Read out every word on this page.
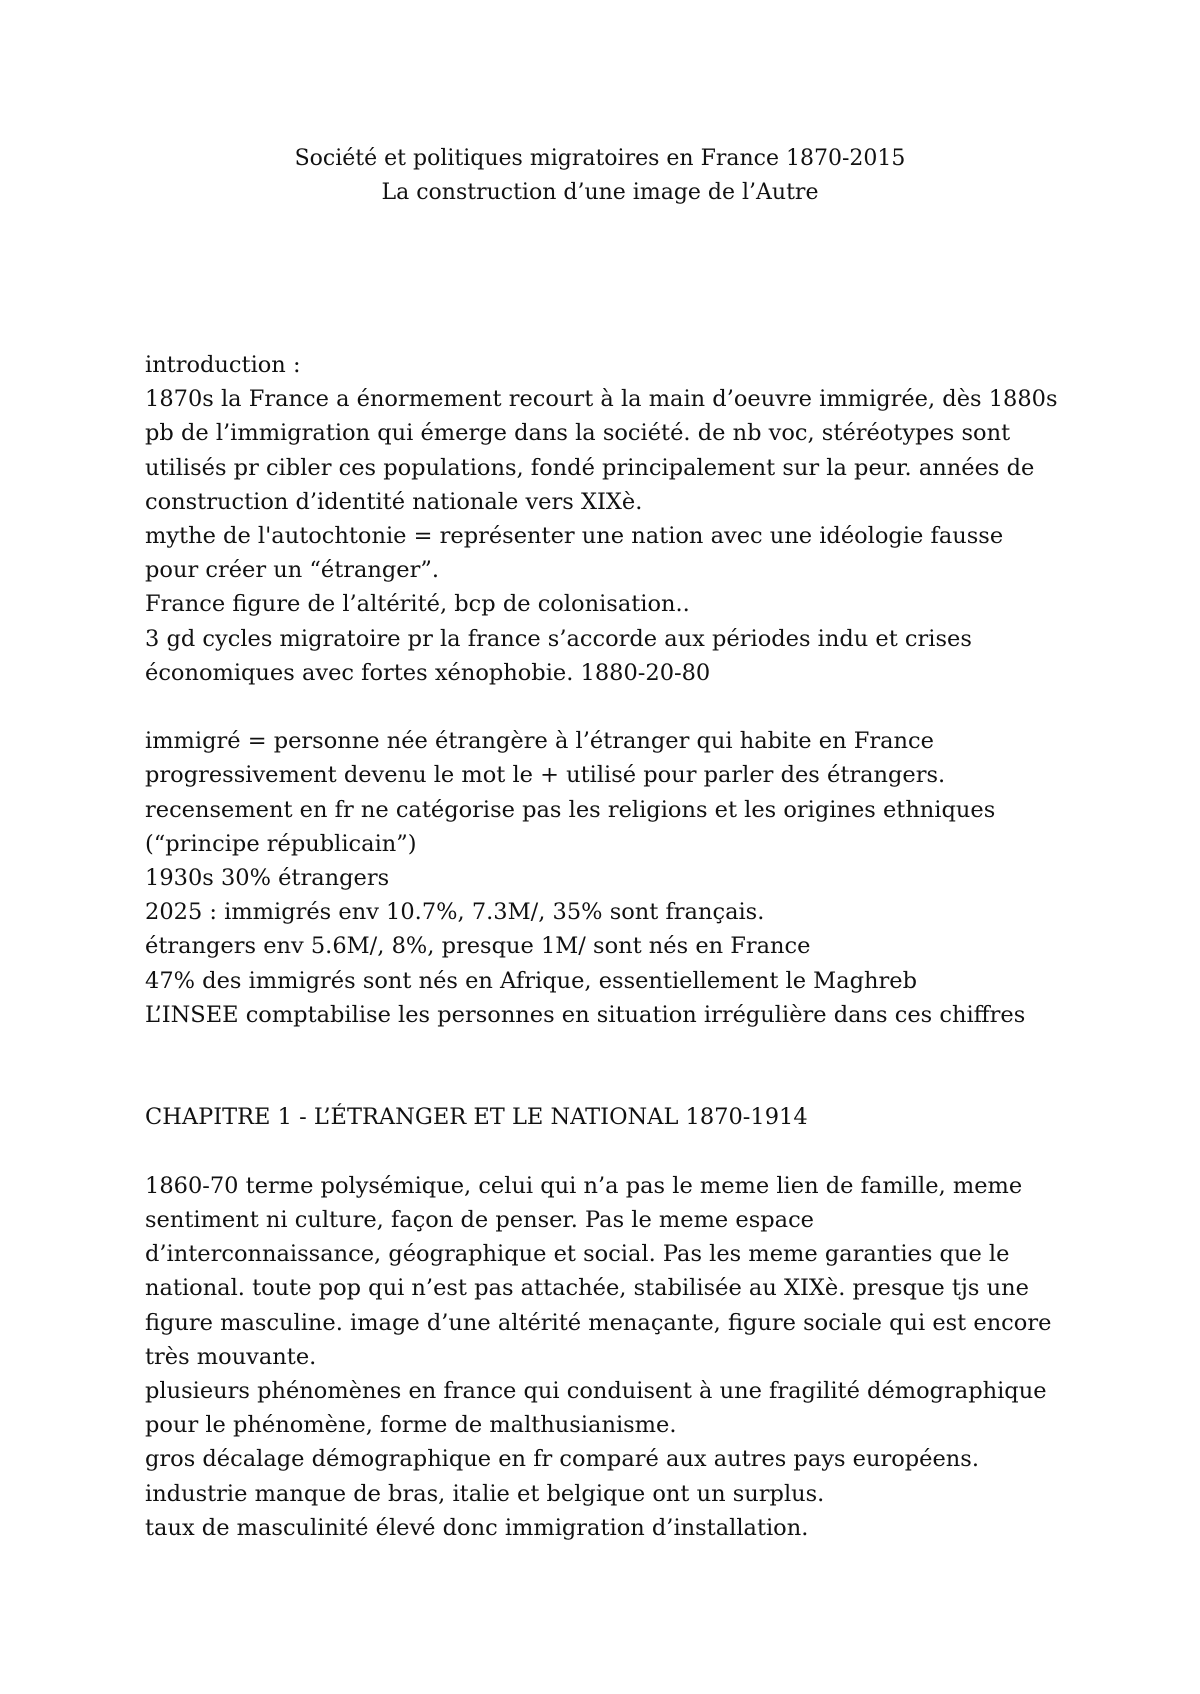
Société et politiques migratoires en France 1870-2015
La construction d’une image de l’Autre
introduction :
1870s la France a énormement recourt à la main d’oeuvre immigrée, dès 1880s
pb de l’immigration qui émerge dans la société. de nb voc, stéréotypes sont
utilisés pr cibler ces populations, fondé principalement sur la peur. années de
construction d’identité nationale vers XIXè.
mythe de l'autochtonie = représenter une nation avec une idéologie fausse
pour créer un “étranger”.
France figure de l’altérité, bcp de colonisation..
3 gd cycles migratoire pr la france s’accorde aux périodes indu et crises
économiques avec fortes xénophobie. 1880-20-80
immigré = personne née étrangère à l’étranger qui habite en France
progressivement devenu le mot le + utilisé pour parler des étrangers.
recensement en fr ne catégorise pas les religions et les origines ethniques
(“principe républicain”)
1930s 30% étrangers
2025 : immigrés env 10.7%, 7.3M/, 35% sont français.
étrangers env 5.6M/, 8%, presque 1M/ sont nés en France
47% des immigrés sont nés en Afrique, essentiellement le Maghreb
L’INSEE comptabilise les personnes en situation irrégulière dans ces chiffres
CHAPITRE 1 - L’ÉTRANGER ET LE NATIONAL 1870-1914
1860-70 terme polysémique, celui qui n’a pas le meme lien de famille, meme
sentiment ni culture, façon de penser. Pas le meme espace
d’interconnaissance, géographique et social. Pas les meme garanties que le
national. toute pop qui n’est pas attachée, stabilisée au XIXè. presque tjs une
figure masculine. image d’une altérité menaçante, figure sociale qui est encore
très mouvante.
plusieurs phénomènes en france qui conduisent à une fragilité démographique
pour le phénomène, forme de malthusianisme.
gros décalage démographique en fr comparé aux autres pays européens.
industrie manque de bras, italie et belgique ont un surplus.
taux de masculinité élevé donc immigration d’installation.
